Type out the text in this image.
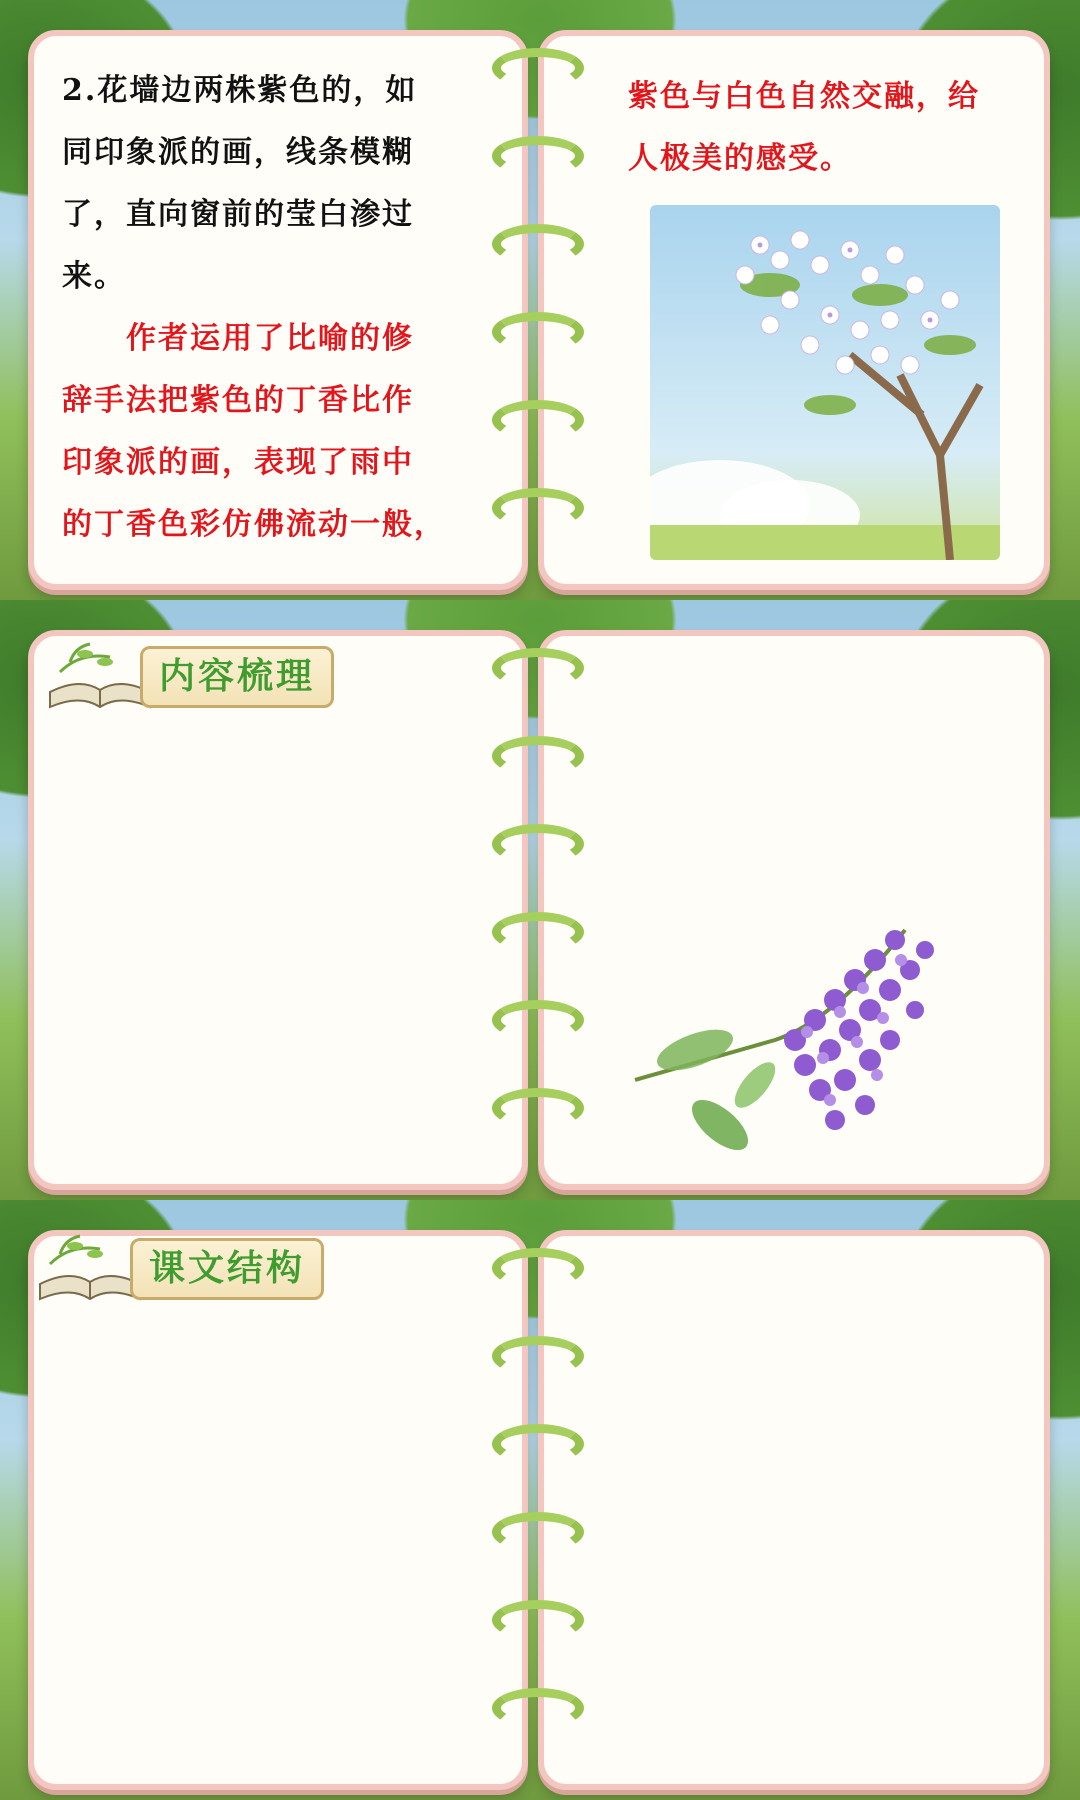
2.花墙边两株紫色的，如
同印象派的画，线条模糊
了，直向窗前的莹白渗过
来。
作者运用了比喻的修
辞手法把紫色的丁香比作
印象派的画，表现了雨中
的丁香色彩仿佛流动一般，
紫色与白色自然交融，给
人极美的感受。
内容梳理
课文结构
